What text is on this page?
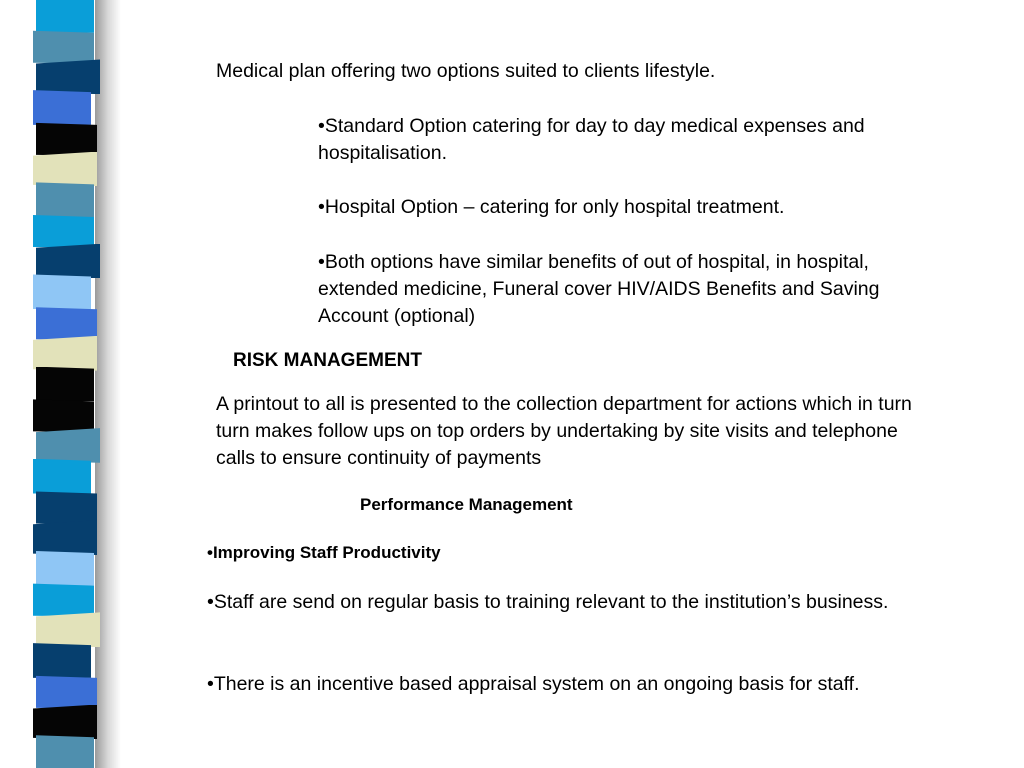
Medical plan offering two options suited to clients lifestyle.

•Standard Option catering for day to day medical expenses and hospitalisation.

•Hospital Option – catering for only hospital treatment.

•Both options have similar benefits of out of hospital, in hospital, extended medicine, Funeral cover HIV/AIDS Benefits and Saving Account (optional)

RISK MANAGEMENT

A printout to all is presented to the collection department for actions which in turn turn makes follow ups on top orders by undertaking by site visits and telephone calls to ensure continuity of payments

Performance Management

•Improving Staff Productivity

•Staff are send on regular basis to training relevant to the institution’s business.

•There is an incentive based appraisal system on an ongoing basis for staff.
